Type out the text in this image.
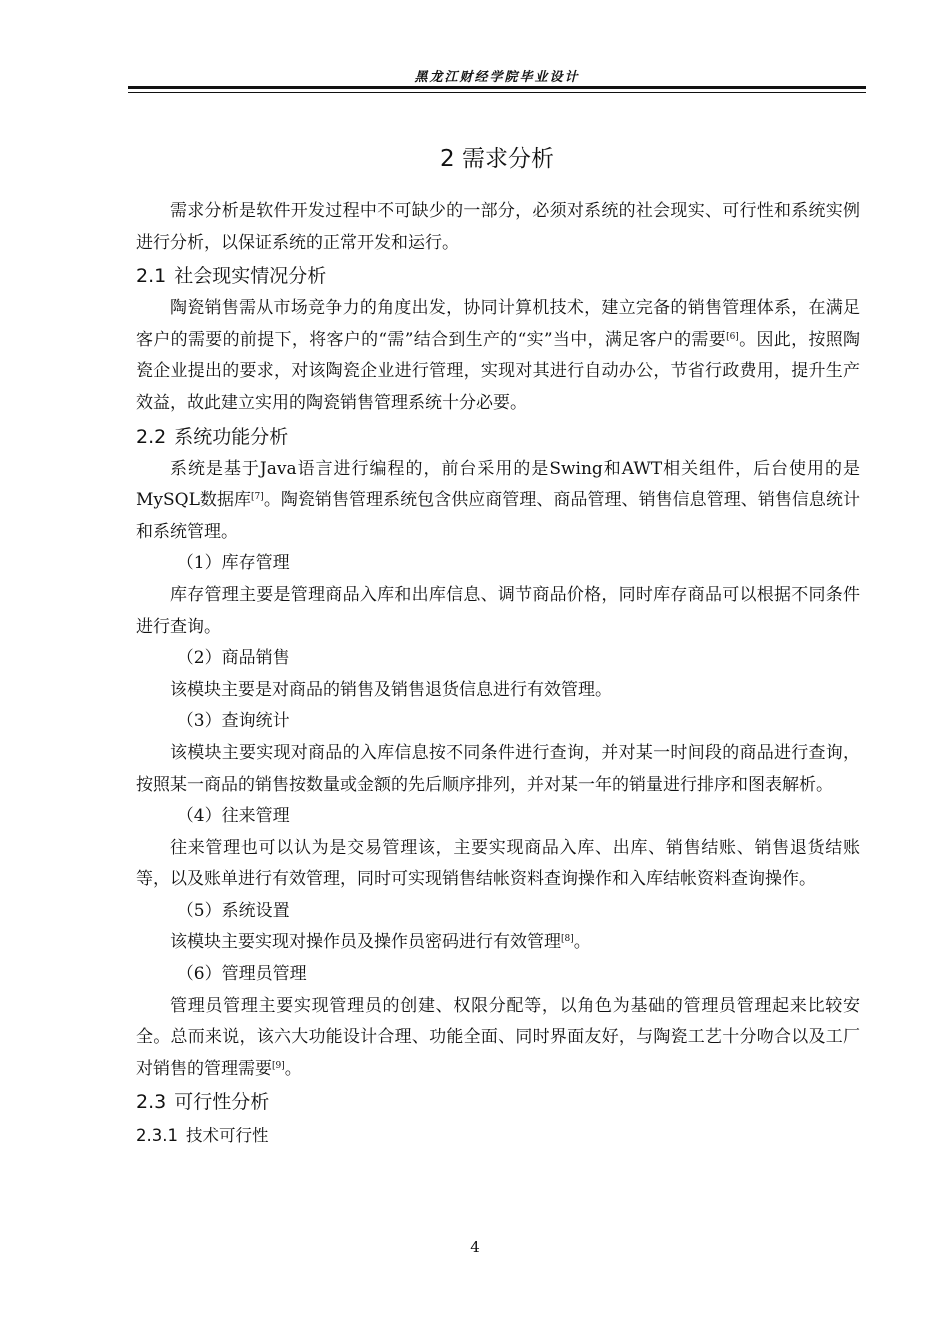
黑龙江财经学院毕业设计
2 需求分析

需求分析是软件开发过程中不可缺少的一部分，必须对系统的社会现实、可行性和系统实例进行分析，以保证系统的正常开发和运行。

2.1 社会现实情况分析

陶瓷销售需从市场竞争力的角度出发，协同计算机技术，建立完备的销售管理体系，在满足客户的需要的前提下，将客户的“需”结合到生产的“实”当中，满足客户的需要[6]。因此，按照陶瓷企业提出的要求，对该陶瓷企业进行管理，实现对其进行自动办公，节省行政费用，提升生产效益，故此建立实用的陶瓷销售管理系统十分必要。

2.2 系统功能分析

系统是基于Java语言进行编程的，前台采用的是Swing和AWT相关组件，后台使用的是MySQL数据库[7]。陶瓷销售管理系统包含供应商管理、商品管理、销售信息管理、销售信息统计和系统管理。

（1）库存管理

库存管理主要是管理商品入库和出库信息、调节商品价格，同时库存商品可以根据不同条件进行查询。

（2）商品销售

该模块主要是对商品的销售及销售退货信息进行有效管理。

（3）查询统计

该模块主要实现对商品的入库信息按不同条件进行查询，并对某一时间段的商品进行查询，按照某一商品的销售按数量或金额的先后顺序排列，并对某一年的销量进行排序和图表解析。

（4）往来管理

往来管理也可以认为是交易管理该，主要实现商品入库、出库、销售结账、销售退货结账等，以及账单进行有效管理，同时可实现销售结帐资料查询操作和入库结帐资料查询操作。

（5）系统设置

该模块主要实现对操作员及操作员密码进行有效管理[8]。

（6）管理员管理

管理员管理主要实现管理员的创建、权限分配等，以角色为基础的管理员管理起来比较安全。总而来说，该六大功能设计合理、功能全面、同时界面友好，与陶瓷工艺十分吻合以及工厂对销售的管理需要[9]。

2.3 可行性分析
2.3.1 技术可行性
4
